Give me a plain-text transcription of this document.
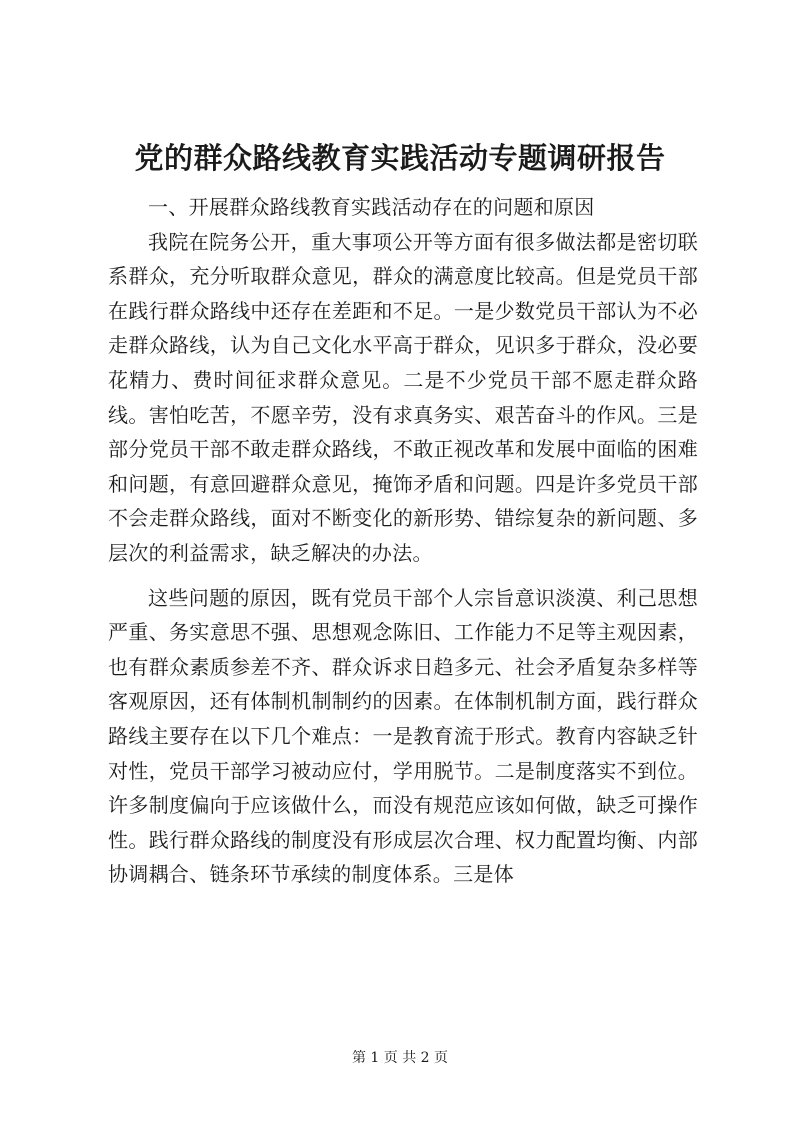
党的群众路线教育实践活动专题调研报告

一、开展群众路线教育实践活动存在的问题和原因

我院在院务公开，重大事项公开等方面有很多做法都是密切联系群众，充分听取群众意见，群众的满意度比较高。但是党员干部在践行群众路线中还存在差距和不足。一是少数党员干部认为不必走群众路线，认为自己文化水平高于群众，见识多于群众，没必要花精力、费时间征求群众意见。二是不少党员干部不愿走群众路线。害怕吃苦，不愿辛劳，没有求真务实、艰苦奋斗的作风。三是部分党员干部不敢走群众路线，不敢正视改革和发展中面临的困难和问题，有意回避群众意见，掩饰矛盾和问题。四是许多党员干部不会走群众路线，面对不断变化的新形势、错综复杂的新问题、多层次的利益需求，缺乏解决的办法。

这些问题的原因，既有党员干部个人宗旨意识淡漠、利己思想严重、务实意思不强、思想观念陈旧、工作能力不足等主观因素，也有群众素质参差不齐、群众诉求日趋多元、社会矛盾复杂多样等客观原因，还有体制机制制约的因素。在体制机制方面，践行群众路线主要存在以下几个难点：一是教育流于形式。教育内容缺乏针对性，党员干部学习被动应付，学用脱节。二是制度落实不到位。许多制度偏向于应该做什么，而没有规范应该如何做，缺乏可操作性。践行群众路线的制度没有形成层次合理、权力配置均衡、内部协调耦合、链条环节承续的制度体系。三是体

第 1 页 共 2 页
